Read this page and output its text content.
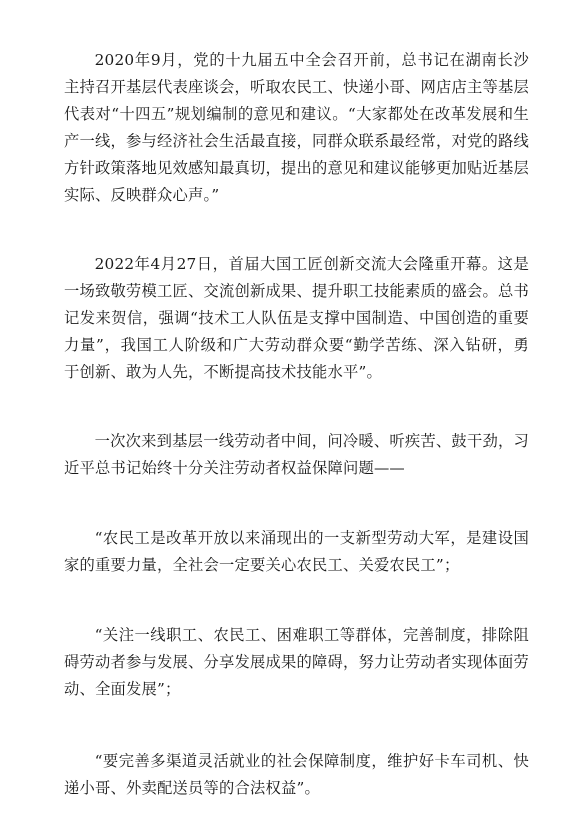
2020年9月，党的十九届五中全会召开前，总书记在湖南长沙主持召开基层代表座谈会，听取农民工、快递小哥、网店店主等基层代表对“十四五”规划编制的意见和建议。“大家都处在改革发展和生产一线，参与经济社会生活最直接，同群众联系最经常，对党的路线方针政策落地见效感知最真切，提出的意见和建议能够更加贴近基层实际、反映群众心声。”

2022年4月27日，首届大国工匠创新交流大会隆重开幕。这是一场致敬劳模工匠、交流创新成果、提升职工技能素质的盛会。总书记发来贺信，强调“技术工人队伍是支撑中国制造、中国创造的重要力量”，我国工人阶级和广大劳动群众要“勤学苦练、深入钻研，勇于创新、敢为人先，不断提高技术技能水平”。

一次次来到基层一线劳动者中间，问冷暖、听疾苦、鼓干劲，习近平总书记始终十分关注劳动者权益保障问题——

“农民工是改革开放以来涌现出的一支新型劳动大军，是建设国家的重要力量，全社会一定要关心农民工、关爱农民工”；

“关注一线职工、农民工、困难职工等群体，完善制度，排除阻碍劳动者参与发展、分享发展成果的障碍，努力让劳动者实现体面劳动、全面发展”；

“要完善多渠道灵活就业的社会保障制度，维护好卡车司机、快递小哥、外卖配送员等的合法权益”。
